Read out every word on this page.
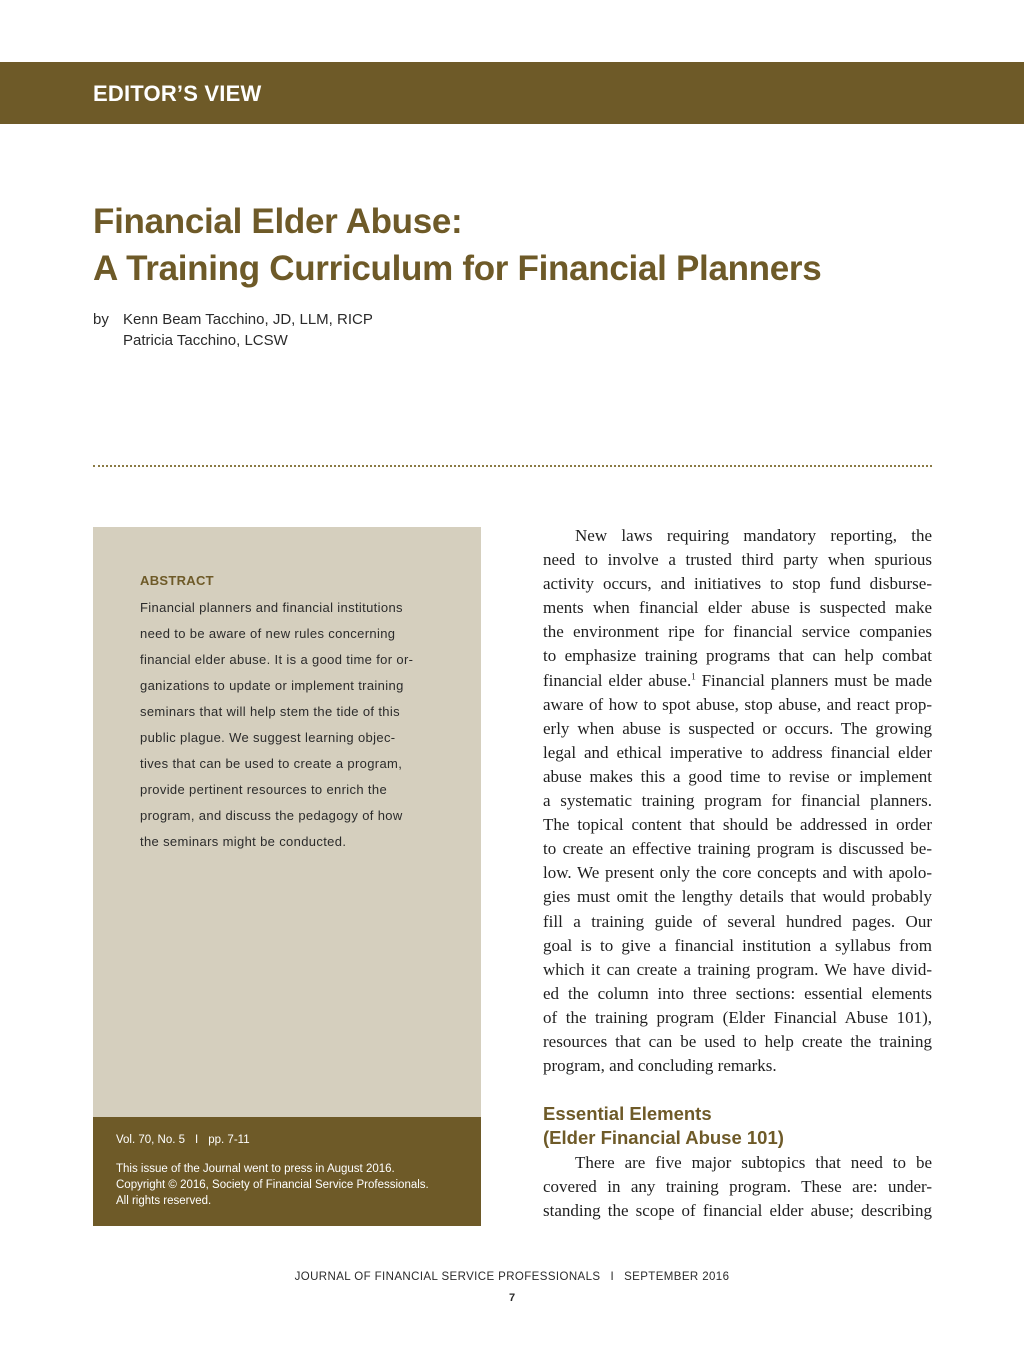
EDITOR’S VIEW
Financial Elder Abuse:
A Training Curriculum for Financial Planners
by Kenn Beam Tacchino, JD, LLM, RICP
Patricia Tacchino, LCSW
ABSTRACT
Financial planners and financial institutions
need to be aware of new rules concerning
financial elder abuse. It is a good time for or-
ganizations to update or implement training
seminars that will help stem the tide of this
public plague. We suggest learning objec-
tives that can be used to create a program,
provide pertinent resources to enrich the
program, and discuss the pedagogy of how
the seminars might be conducted.
Vol. 70, No. 5 I pp. 7-11
This issue of the Journal went to press in August 2016.
Copyright © 2016, Society of Financial Service Professionals.
All rights reserved.
New laws requiring mandatory reporting, the
need to involve a trusted third party when spurious
activity occurs, and initiatives to stop fund disburse-
ments when financial elder abuse is suspected make
the environment ripe for financial service companies
to emphasize training programs that can help combat
financial elder abuse.$^1$ Financial planners must be made
aware of how to spot abuse, stop abuse, and react prop-
erly when abuse is suspected or occurs. The growing
legal and ethical imperative to address financial elder
abuse makes this a good time to revise or implement
a systematic training program for financial planners.
The topical content that should be addressed in order
to create an effective training program is discussed be-
low. We present only the core concepts and with apolo-
gies must omit the lengthy details that would probably
fill a training guide of several hundred pages. Our
goal is to give a financial institution a syllabus from
which it can create a training program. We have divid-
ed the column into three sections: essential elements
of the training program (Elder Financial Abuse 101),
resources that can be used to help create the training
program, and concluding remarks.
Essential Elements
(Elder Financial Abuse 101)
There are five major subtopics that need to be
covered in any training program. These are: under-
standing the scope of financial elder abuse; describing
JOURNAL OF FINANCIAL SERVICE PROFESSIONALS I SEPTEMBER 2016
7
